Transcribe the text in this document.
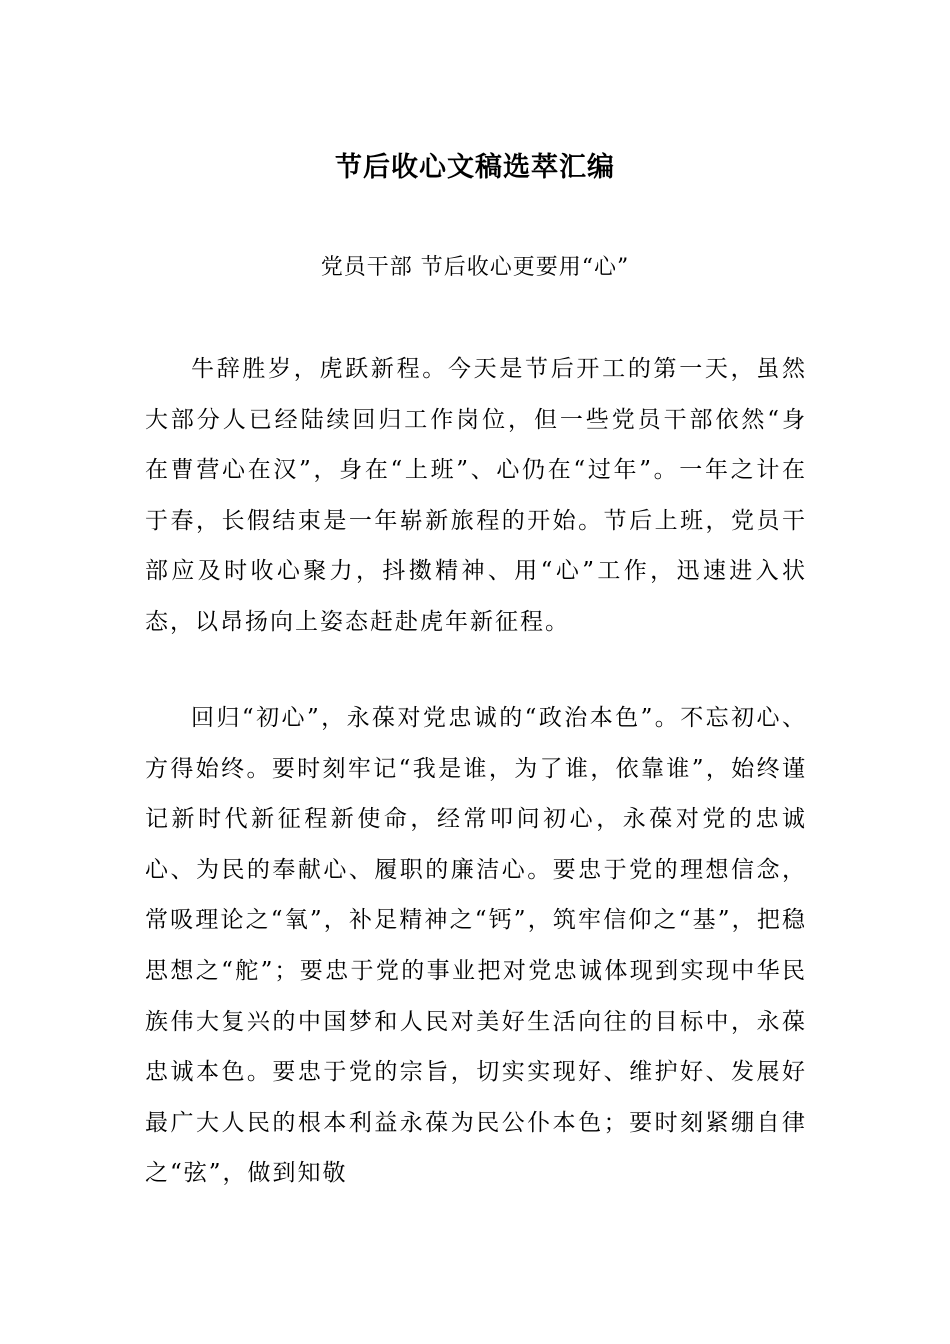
节后收心文稿选萃汇编
党员干部 节后收心更要用“心”

牛辞胜岁，虎跃新程。今天是节后开工的第一天，虽然大部分人已经陆续回归工作岗位，但一些党员干部依然“身在曹营心在汉”，身在“上班”、心仍在“过年”。一年之计在于春，长假结束是一年崭新旅程的开始。节后上班，党员干部应及时收心聚力，抖擞精神、用“心”工作，迅速进入状态，以昂扬向上姿态赶赴虎年新征程。

回归“初心”，永葆对党忠诚的“政治本色”。不忘初心、方得始终。要时刻牢记“我是谁，为了谁，依靠谁”，始终谨记新时代新征程新使命，经常叩问初心，永葆对党的忠诚心、为民的奉献心、履职的廉洁心。要忠于党的理想信念，常吸理论之“氧”，补足精神之“钙”，筑牢信仰之“基”，把稳思想之“舵”；要忠于党的事业把对党忠诚体现到实现中华民族伟大复兴的中国梦和人民对美好生活向往的目标中，永葆忠诚本色。要忠于党的宗旨，切实实现好、维护好、发展好最广大人民的根本利益永葆为民公仆本色；要时刻紧绷自律之“弦”，做到知敬
